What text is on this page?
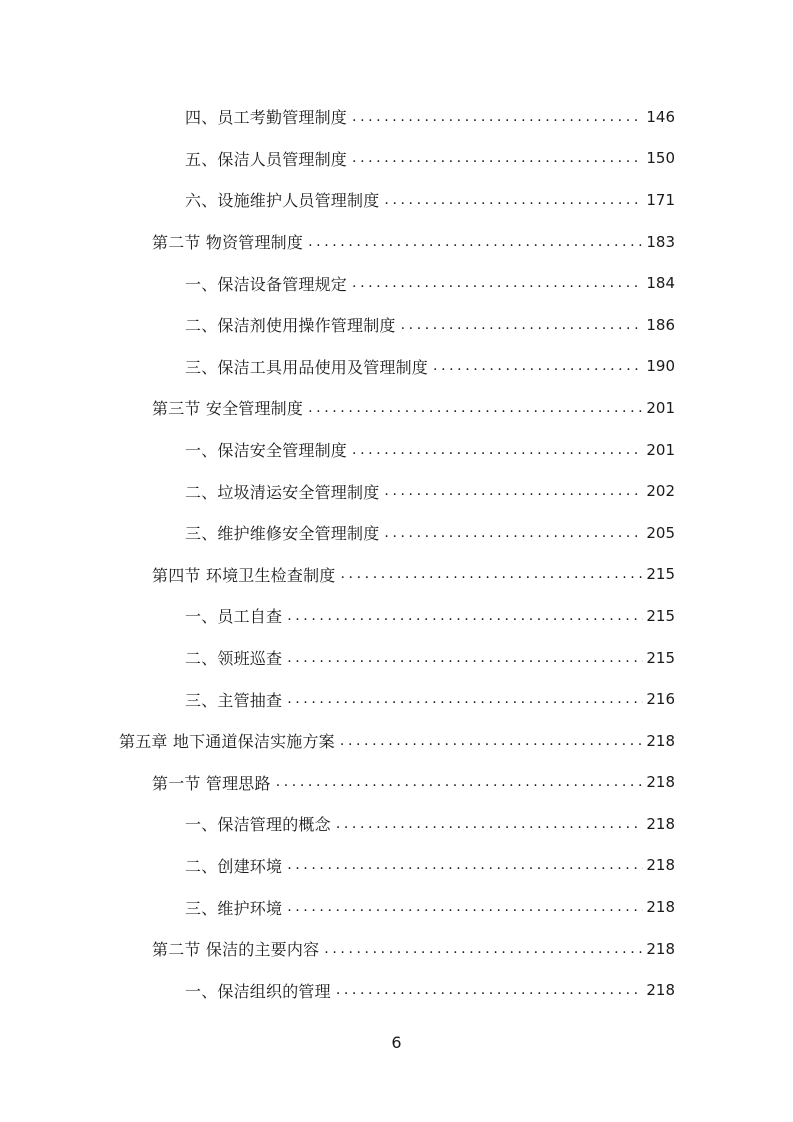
四、员工考勤管理制度 .....	146
五、保洁人员管理制度 .....	150
六、设施维护人员管理制度 .....	171
第二节 物资管理制度 .....	183
一、保洁设备管理规定 .....	184
二、保洁剂使用操作管理制度 .....	186
三、保洁工具用品使用及管理制度 .....	190
第三节 安全管理制度 .....	201
一、保洁安全管理制度 .....	201
二、垃圾清运安全管理制度 .....	202
三、维护维修安全管理制度 .....	205
第四节 环境卫生检查制度 .....	215
一、员工自查 .....	215
二、领班巡查 .....	215
三、主管抽查 .....	216
第五章 地下通道保洁实施方案 .....	218
第一节 管理思路 .....	218
一、保洁管理的概念 .....	218
二、创建环境 .....	218
三、维护环境 .....	218
第二节 保洁的主要内容 .....	218
一、保洁组织的管理 .....	218
6
